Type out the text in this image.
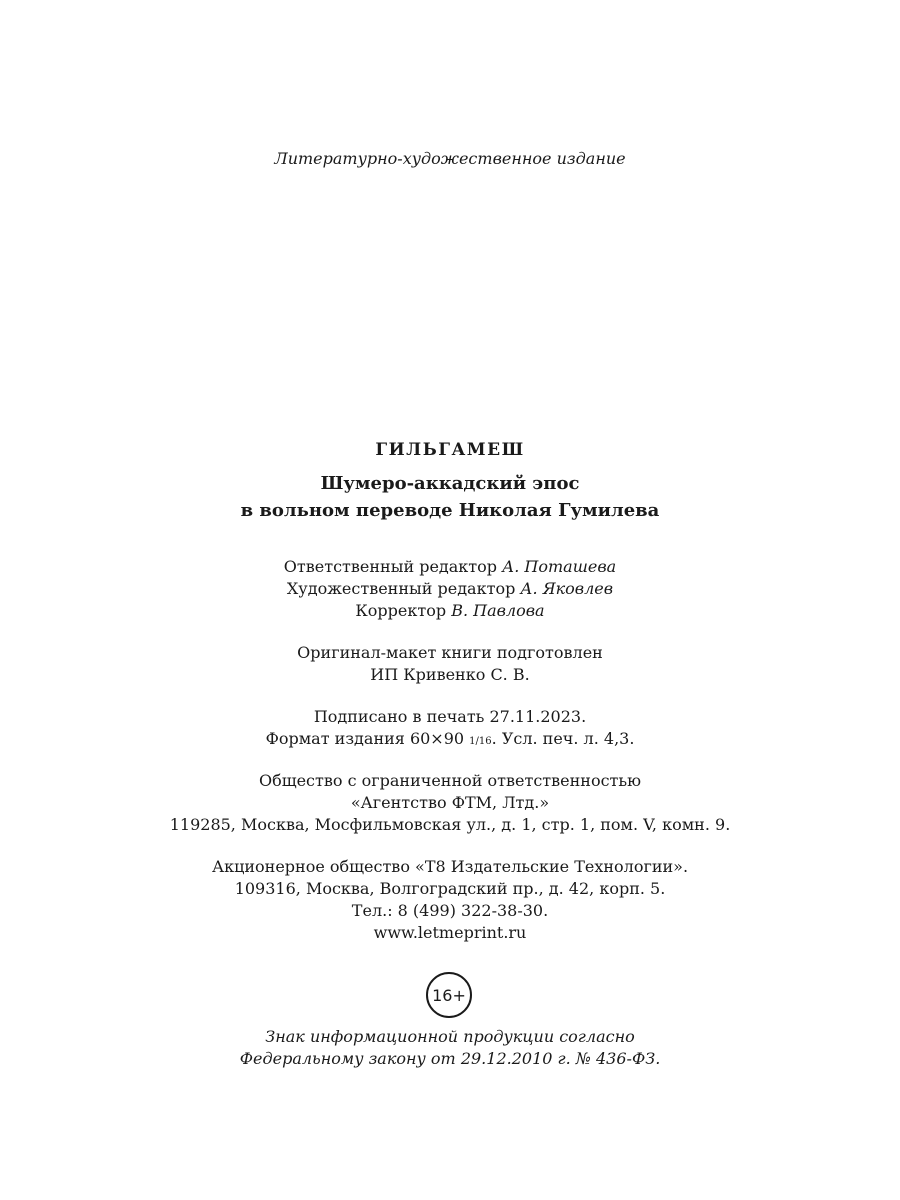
Литературно-художественное издание
ГИЛЬГАМЕШ
Шумеро-аккадский эпос
в вольном переводе Николая Гумилева

Ответственный редактор А. Поташева

Художественный редактор А. Яковлев

Корректор В. Павлова

Оригинал-макет книги подготовлен

ИП Кривенко С. В.

Подписано в печать 27.11.2023.

Формат издания 60×90 1/16. Усл. печ. л. 4,3.

Общество с ограниченной ответственностью

«Агентство ФТМ, Лтд.»

119285, Москва, Мосфильмовская ул., д. 1, стр. 1, пом. V, комн. 9.

Акционерное общество «Т8 Издательские Технологии».

109316, Москва, Волгоградский пр., д. 42, корп. 5.

Тел.: 8 (499) 322-38-30.

www.letmeprint.ru

16+

Знак информационной продукции согласно

Федеральному закону от 29.12.2010 г. № 436-ФЗ.
